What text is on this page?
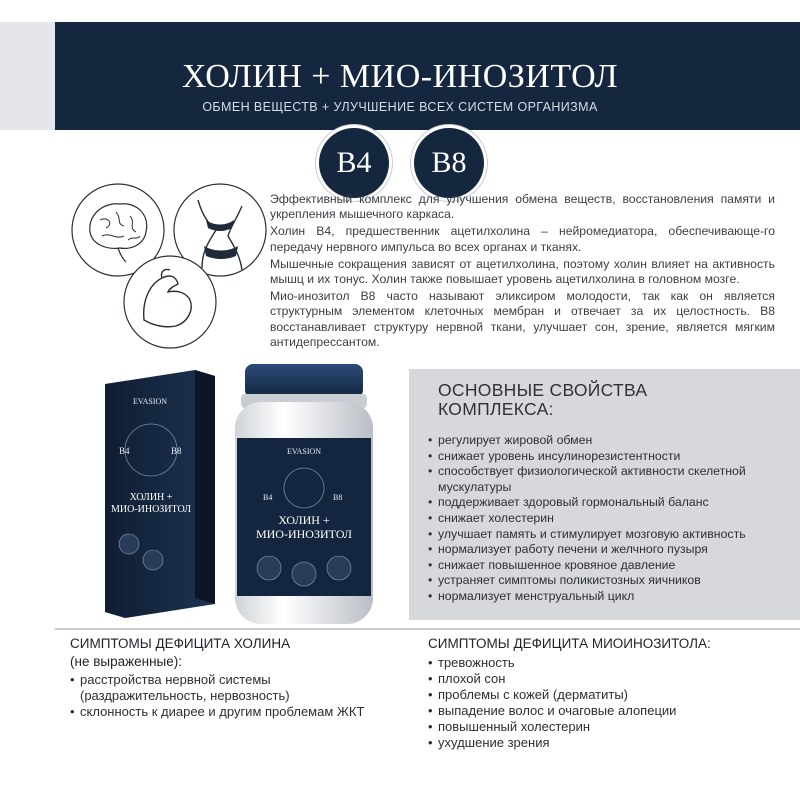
ХОЛИН + МИО-ИНОЗИТОЛ
ОБМЕН ВЕЩЕСТВ + УЛУЧШЕНИЕ ВСЕХ СИСТЕМ ОРГАНИЗМА
B4	B8

Эффективный комплекс для улучшения обмена веществ, восстановления памяти и укрепления мышечного каркаса.

Холин В4, предшественник ацетилхолина – нейромедиатора, обеспечивающе-го передачу нервного импульса во всех органах и тканях.

Мышечные сокращения зависят от ацетилхолина, поэтому холин влияет на активность мышц и их тонус. Холин также повышает уровень ацетилхолина в головном мозге.

Мио-инозитол В8 часто называют эликсиром молодости, так как он является структурным элементом клеточных мембран и отвечает за их целостность. В8 восстанавливает структуру нервной ткани, улучшает сон, зрение, является мягким антидепрессантом.

EVASION
B4	B8
ХОЛИН +
МИО-ИНОЗИТОЛ
EVASION
B4	B8
ХОЛИН +
МИО-ИНОЗИТОЛ
ОСНОВНЫЕ СВОЙСТВА
КОМПЛЕКСА:
• регулирует жировой обмен
• снижает уровень инсулинорезистентности
• способствует физиологической активности скелетной мускулатуры
• поддерживает здоровый гормональный баланс
• снижает холестерин
• улучшает память и стимулирует мозговую активность
• нормализует работу печени и желчного пузыря
• снижает повышенное кровяное давление
• устраняет симптомы поликистозных яичников
• нормализует менструальный цикл
СИМПТОМЫ ДЕФИЦИТА ХОЛИНА
(не выраженные):
• расстройства нервной системы (раздражительность, нервозность)
• склонность к диарее и другим проблемам ЖКТ
СИМПТОМЫ ДЕФИЦИТА МИОИНОЗИТОЛА:
• тревожность
• плохой сон
• проблемы с кожей (дерматиты)
• выпадение волос и очаговые алопеции
• повышенный холестерин
• ухудшение зрения
